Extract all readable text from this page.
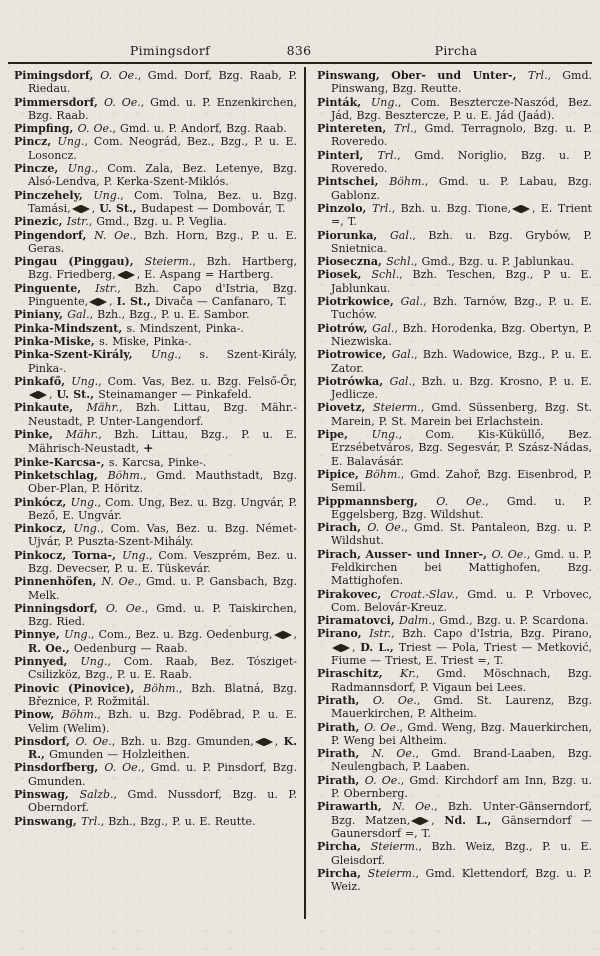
Pimingsdorf	836	Pircha

Pimingsdorf, O. Oe., Gmd. Dorf, Bzg. Raab, P. Riedau.

Pimmersdorf, O. Oe., Gmd. u. P. Enzenkirchen, Bzg. Raab.

Pimpfing, O. Oe., Gmd. u. P. Andorf, Bzg. Raab.

Pincz, Ung., Com. Neográd, Bez., Bzg., P. u. E. Losoncz.

Pincze, Ung., Com. Zala, Bez. Letenye, Bzg. Alsó-Lendva, P. Kerka-Szent-Miklós.

Pinczehely, Ung., Com. Tolna, Bez. u. Bzg. Tamási, , U. St., Budapest — Dombovár, T.

Pinezic, Istr., Gmd., Bzg. u. P. Veglia.

Pingendorf, N. Oe., Bzh. Horn, Bzg., P. u. E. Geras.

Pingau (Pinggau), Steierm., Bzh. Hartberg, Bzg. Friedberg, , E. Aspang = Hartberg.

Pinguente, Istr., Bzh. Capo d'Istria, Bzg. Pinguente, , I. St., Divača — Canfanaro, T.

Piniany, Gal., Bzh., Bzg., P. u. E. Sambor.

Pinka-Mindszent, s. Mindszent, Pinka-.

Pinka-Miske, s. Miske, Pinka-.

Pinka-Szent-Király, Ung., s. Szent-Király, Pinka-.

Pinkafő, Ung., Com. Vas, Bez. u. Bzg. Felső-Őr,, U. St., Steinamanger — Pinkafeld.

Pinkaute, Mähr., Bzh. Littau, Bzg. Mähr.-Neustadt, P. Unter-Langendorf.

Pinke, Mähr., Bzh. Littau, Bzg., P. u. E. Mährisch-Neustadt, +

Pinke-Karcsa-, s. Karcsa, Pinke-.

Pinketschlag, Böhm., Gmd. Mauthstadt, Bzg. Ober-Plan, P. Höritz.

Pinkócz, Ung., Com. Ung, Bez. u. Bzg. Ungvár, P. Bező, E. Ungvár.

Pinkocz, Ung., Com. Vas, Bez. u. Bzg. Német-Ujvár, P. Puszta-Szent-Mihály.

Pinkocz, Torna-, Ung., Com. Veszprém, Bez. u. Bzg. Devecser, P. u. E. Tüskevár.

Pinnenhöfen, N. Oe., Gmd. u. P. Gansbach, Bzg. Melk.

Pinningsdorf, O. Oe., Gmd. u. P. Taiskirchen, Bzg. Ried.

Pinnye, Ung., Com., Bez. u. Bzg. Oedenburg, , R. Oe., Oedenburg — Raab.

Pinnyed, Ung., Com. Raab, Bez. Tósziget-Csilizköz, Bzg., P. u. E. Raab.

Pinovic (Pinovice), Böhm., Bzh. Blatná, Bzg. Březnice, P. Rožmitál.

Pinow, Böhm., Bzh. u. Bzg. Poděbrad, P. u. E. Velim (Welim).

Pinsdorf, O. Oe., Bzh. u. Bzg. Gmunden, , K. R., Gmunden — Holzleithen.

Pinsdorfberg, O. Oe., Gmd. u. P. Pinsdorf, Bzg. Gmunden.

Pinswag, Salzb., Gmd. Nussdorf, Bzg. u. P. Oberndorf.

Pinswang, Trl., Bzh., Bzg., P. u. E. Reutte.

Pinswang, Ober- und Unter-, Trl., Gmd. Pinswang, Bzg. Reutte.

Pinták, Ung., Com. Besztercze-Naszód, Bez. Jád, Bzg. Besztercze, P. u. E. Jád (Jaád).

Pintereten, Trl., Gmd. Terragnolo, Bzg. u. P. Roveredo.

Pinterl, Trl., Gmd. Noriglio, Bzg. u. P. Roveredo.

Pintschei, Böhm., Gmd. u. P. Labau, Bzg. Gablonz.

Pinzolo, Trl., Bzh. u. Bzg. Tione, , E. Trient =, T.

Piorunka, Gal., Bzh. u. Bzg. Grybów, P. Snietnica.

Pioseczna, Schl., Gmd., Bzg. u. P. Jablunkau.

Piosek, Schl., Bzh. Teschen, Bzg., P u. E. Jablunkau.

Piotrkowice, Gal., Bzh. Tarnów, Bzg., P. u. E. Tuchów.

Piotrów, Gal., Bzh. Horodenka, Bzg. Obertyn, P. Niezwiska.

Piotrowice, Gal., Bzh. Wadowice, Bzg., P. u. E. Zator.

Piotrówka, Gal., Bzh. u. Bzg. Krosno, P. u. E. Jedlicze.

Piovetz, Steierm., Gmd. Süssenberg, Bzg. St. Marein, P. St. Marein bei Erlachstein.

Pipe, Ung., Com. Kis-Küküllő, Bez. Erzsébetváros, Bzg. Segesvár, P. Szász-Nádas, E. Balavásár.

Pipice, Böhm., Gmd. Zahoř, Bzg. Eisenbrod, P. Semil.

Pippmannsberg, O. Oe., Gmd. u. P. Eggelsberg, Bzg. Wildshut.

Pirach, O. Oe., Gmd. St. Pantaleon, Bzg. u. P. Wildshut.

Pirach, Ausser- und Inner-, O. Oe., Gmd. u. P. Feldkirchen bei Mattighofen, Bzg. Mattighofen.

Pirakovec, Croat.-Slav., Gmd. u. P. Vrbovec, Com. Belovár-Kreuz.

Piramatovci, Dalm., Gmd., Bzg. u. P. Scardona.

Pirano, Istr., Bzh. Capo d'Istria, Bzg. Pirano,, D. L., Triest — Pola, Triest — Metković, Fiume — Triest, E. Triest =, T.

Piraschitz, Kr., Gmd. Möschnach, Bzg. Radmannsdorf, P. Vigaun bei Lees.

Pirath, O. Oe., Gmd. St. Laurenz, Bzg. Mauerkirchen, P. Altheim.

Pirath, O. Oe., Gmd. Weng, Bzg. Mauerkirchen, P. Weng bei Altheim.

Pirath, N. Oe., Gmd. Brand-Laaben, Bzg. Neulengbach, P. Laaben.

Pirath, O. Oe., Gmd. Kirchdorf am Inn, Bzg. u. P. Obernberg.

Pirawarth, N. Oe., Bzh. Unter-Gänserndorf, Bzg. Matzen, , Nd. L., Gänserndorf — Gaunersdorf =, T.

Pircha, Steierm., Bzh. Weiz, Bzg., P. u. E. Gleisdorf.

Pircha, Steierm., Gmd. Klettendorf, Bzg. u. P. Weiz.
